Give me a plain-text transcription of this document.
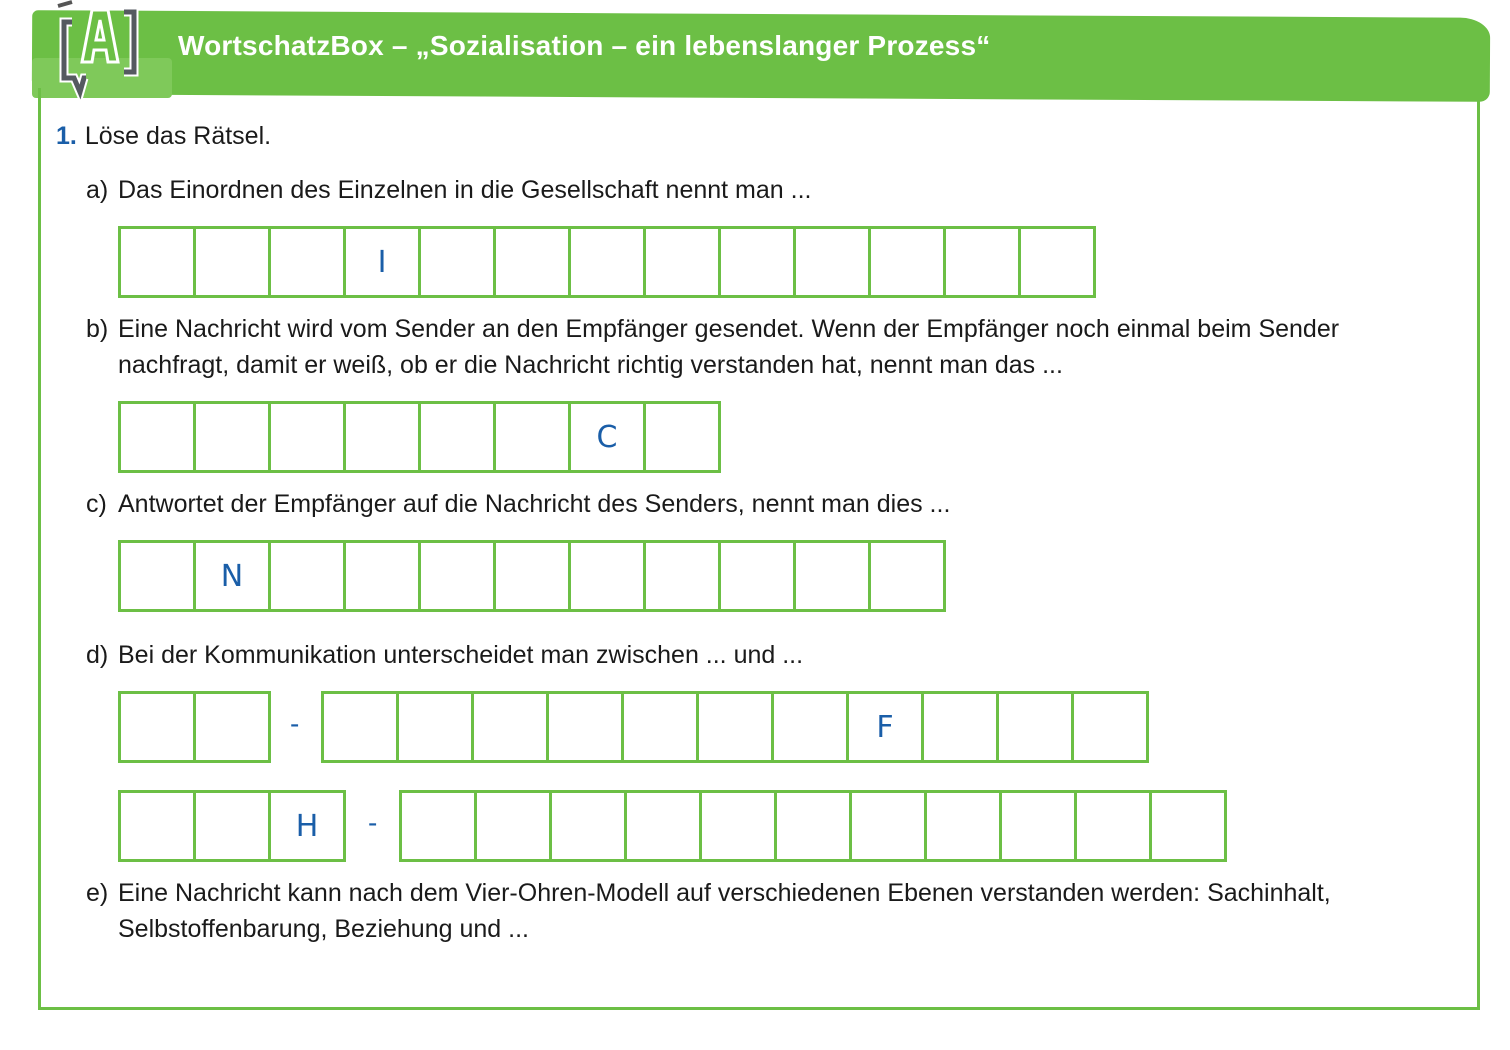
WortschatzBox – „Sozialisation – ein lebenslanger Prozess“
1. Löse das Rätsel.
a) Das Einordnen des Einzelnen in die Gesellschaft nennt man ...
I
b) Eine Nachricht wird vom Sender an den Empfänger gesendet. Wenn der Empfänger noch einmal beim Sender
nachfragt, damit er weiß, ob er die Nachricht richtig verstanden hat, nennt man das ...
C
c) Antwortet der Empfänger auf die Nachricht des Senders, nennt man dies ...
N
d) Bei der Kommunikation unterscheidet man zwischen ... und ...
-	F
H	-
e) Eine Nachricht kann nach dem Vier-Ohren-Modell auf verschiedenen Ebenen verstanden werden: Sachinhalt,
Selbstoffenbarung, Beziehung und ...
